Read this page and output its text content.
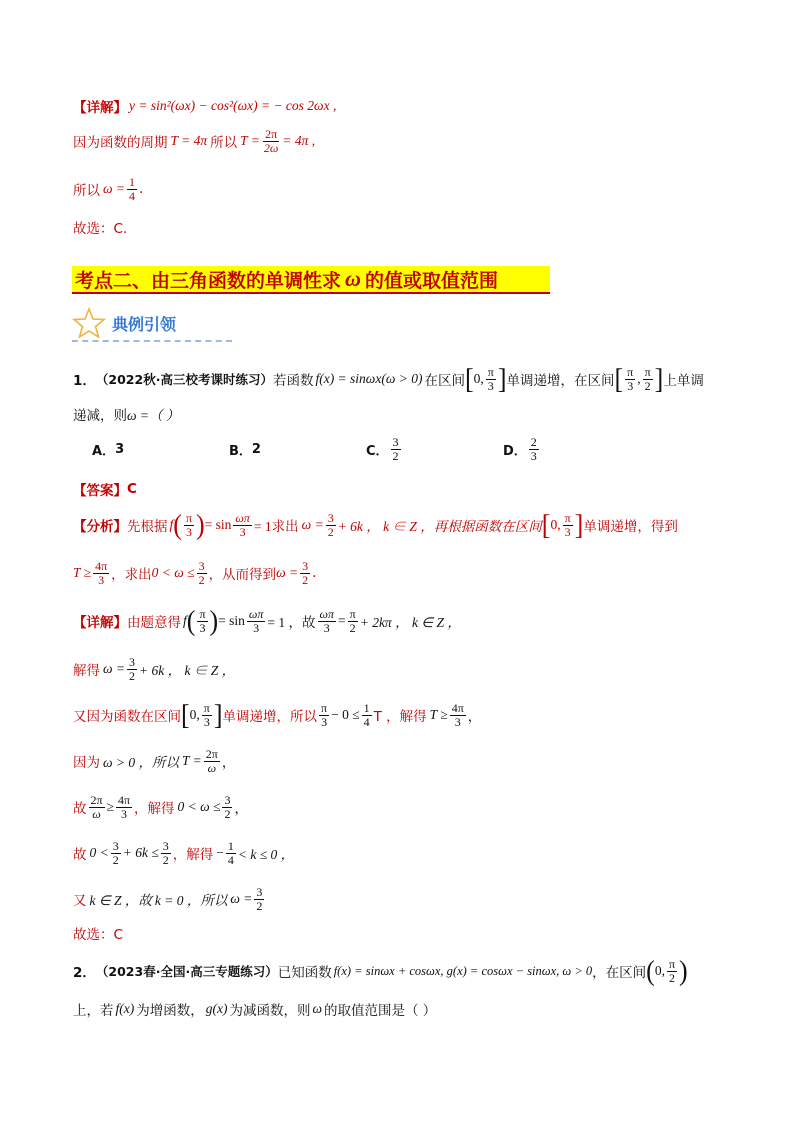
【详解】 y = sin²(ωx) − cos²(ωx) = − cos 2ωx ,
因为函数的周期 T = 4π 所以 $T = \frac{2\pi}{2\omega} = 4\pi$ ,
所以 $\omega = \frac{1}{4}$ .
故选：C.
考点二、由三角函数的单调性求 ω 的值或取值范围
典例引领
1． （2022秋·高三校考课时练习） 若函数 f(x) = sinωx(ω > 0) 在区间 [ 0, $\frac{\pi}{3}$ ] 单调递增，在区间 [ $\frac{\pi}{3}$ , $\frac{\pi}{2}$ ] 上单调
递减，则 ω =（ ）
A． 3	B． 2	C． $\frac{3}{2}$	D． $\frac{2}{3}$
【答案】 C
【分析】 先根据 f ( $\frac{\pi}{3}$ ) = $\sin \frac{\omega\pi}{3} = 1$求出 $\omega = \frac{3}{2} + 6k$ ， k ∈ Z ，再根据函数在区间 [ 0, $\frac{\pi}{3}$ ] 单调递增，得到
$T \ge \frac{4\pi}{3}$ ，求出 $0 < \omega \le \frac{3}{2}$ ，从而得到 $\omega = \frac{3}{2}$ .
【详解】 由题意得 f ( $\frac{\pi}{3}$ ) = $\sin \frac{\omega\pi}{3} = 1$ ，故 $\frac{\omega\pi}{3} = \frac{\pi}{2} + 2k\pi$ ， k ∈ Z ，
解得 $\omega = \frac{3}{2} + 6k$ ， k ∈ Z ，
又因为函数在区间 [ 0, $\frac{\pi}{3}$ ] 单调递增，所以 $\frac{\pi}{3} - 0 \le \frac{1}{4}$ T ，解得 $T \ge \frac{4\pi}{3}$ ，
因为 ω > 0 ，所以 $T = \frac{2\pi}{\omega}$ ，
故 $\frac{2\pi}{\omega} \ge \frac{4\pi}{3}$ ，解得 $0 < \omega \le \frac{3}{2}$ ，
故 $0 < \frac{3}{2} + 6k \le \frac{3}{2}$ ，解得 − $\frac{1}{4} < k \le 0$ ，
又 k ∈ Z ，故 k = 0 ，所以 $\omega = \frac{3}{2}$
故选：C
2． （2023春·全国·高三专题练习） 已知函数 f(x) = sinωx + cosωx, g(x) = cosωx − sinωx, ω > 0 ，在区间 ( 0, $\frac{\pi}{2}$ )
上，若 f(x) 为增函数， g(x) 为减函数，则 ω 的取值范围是（ ）
